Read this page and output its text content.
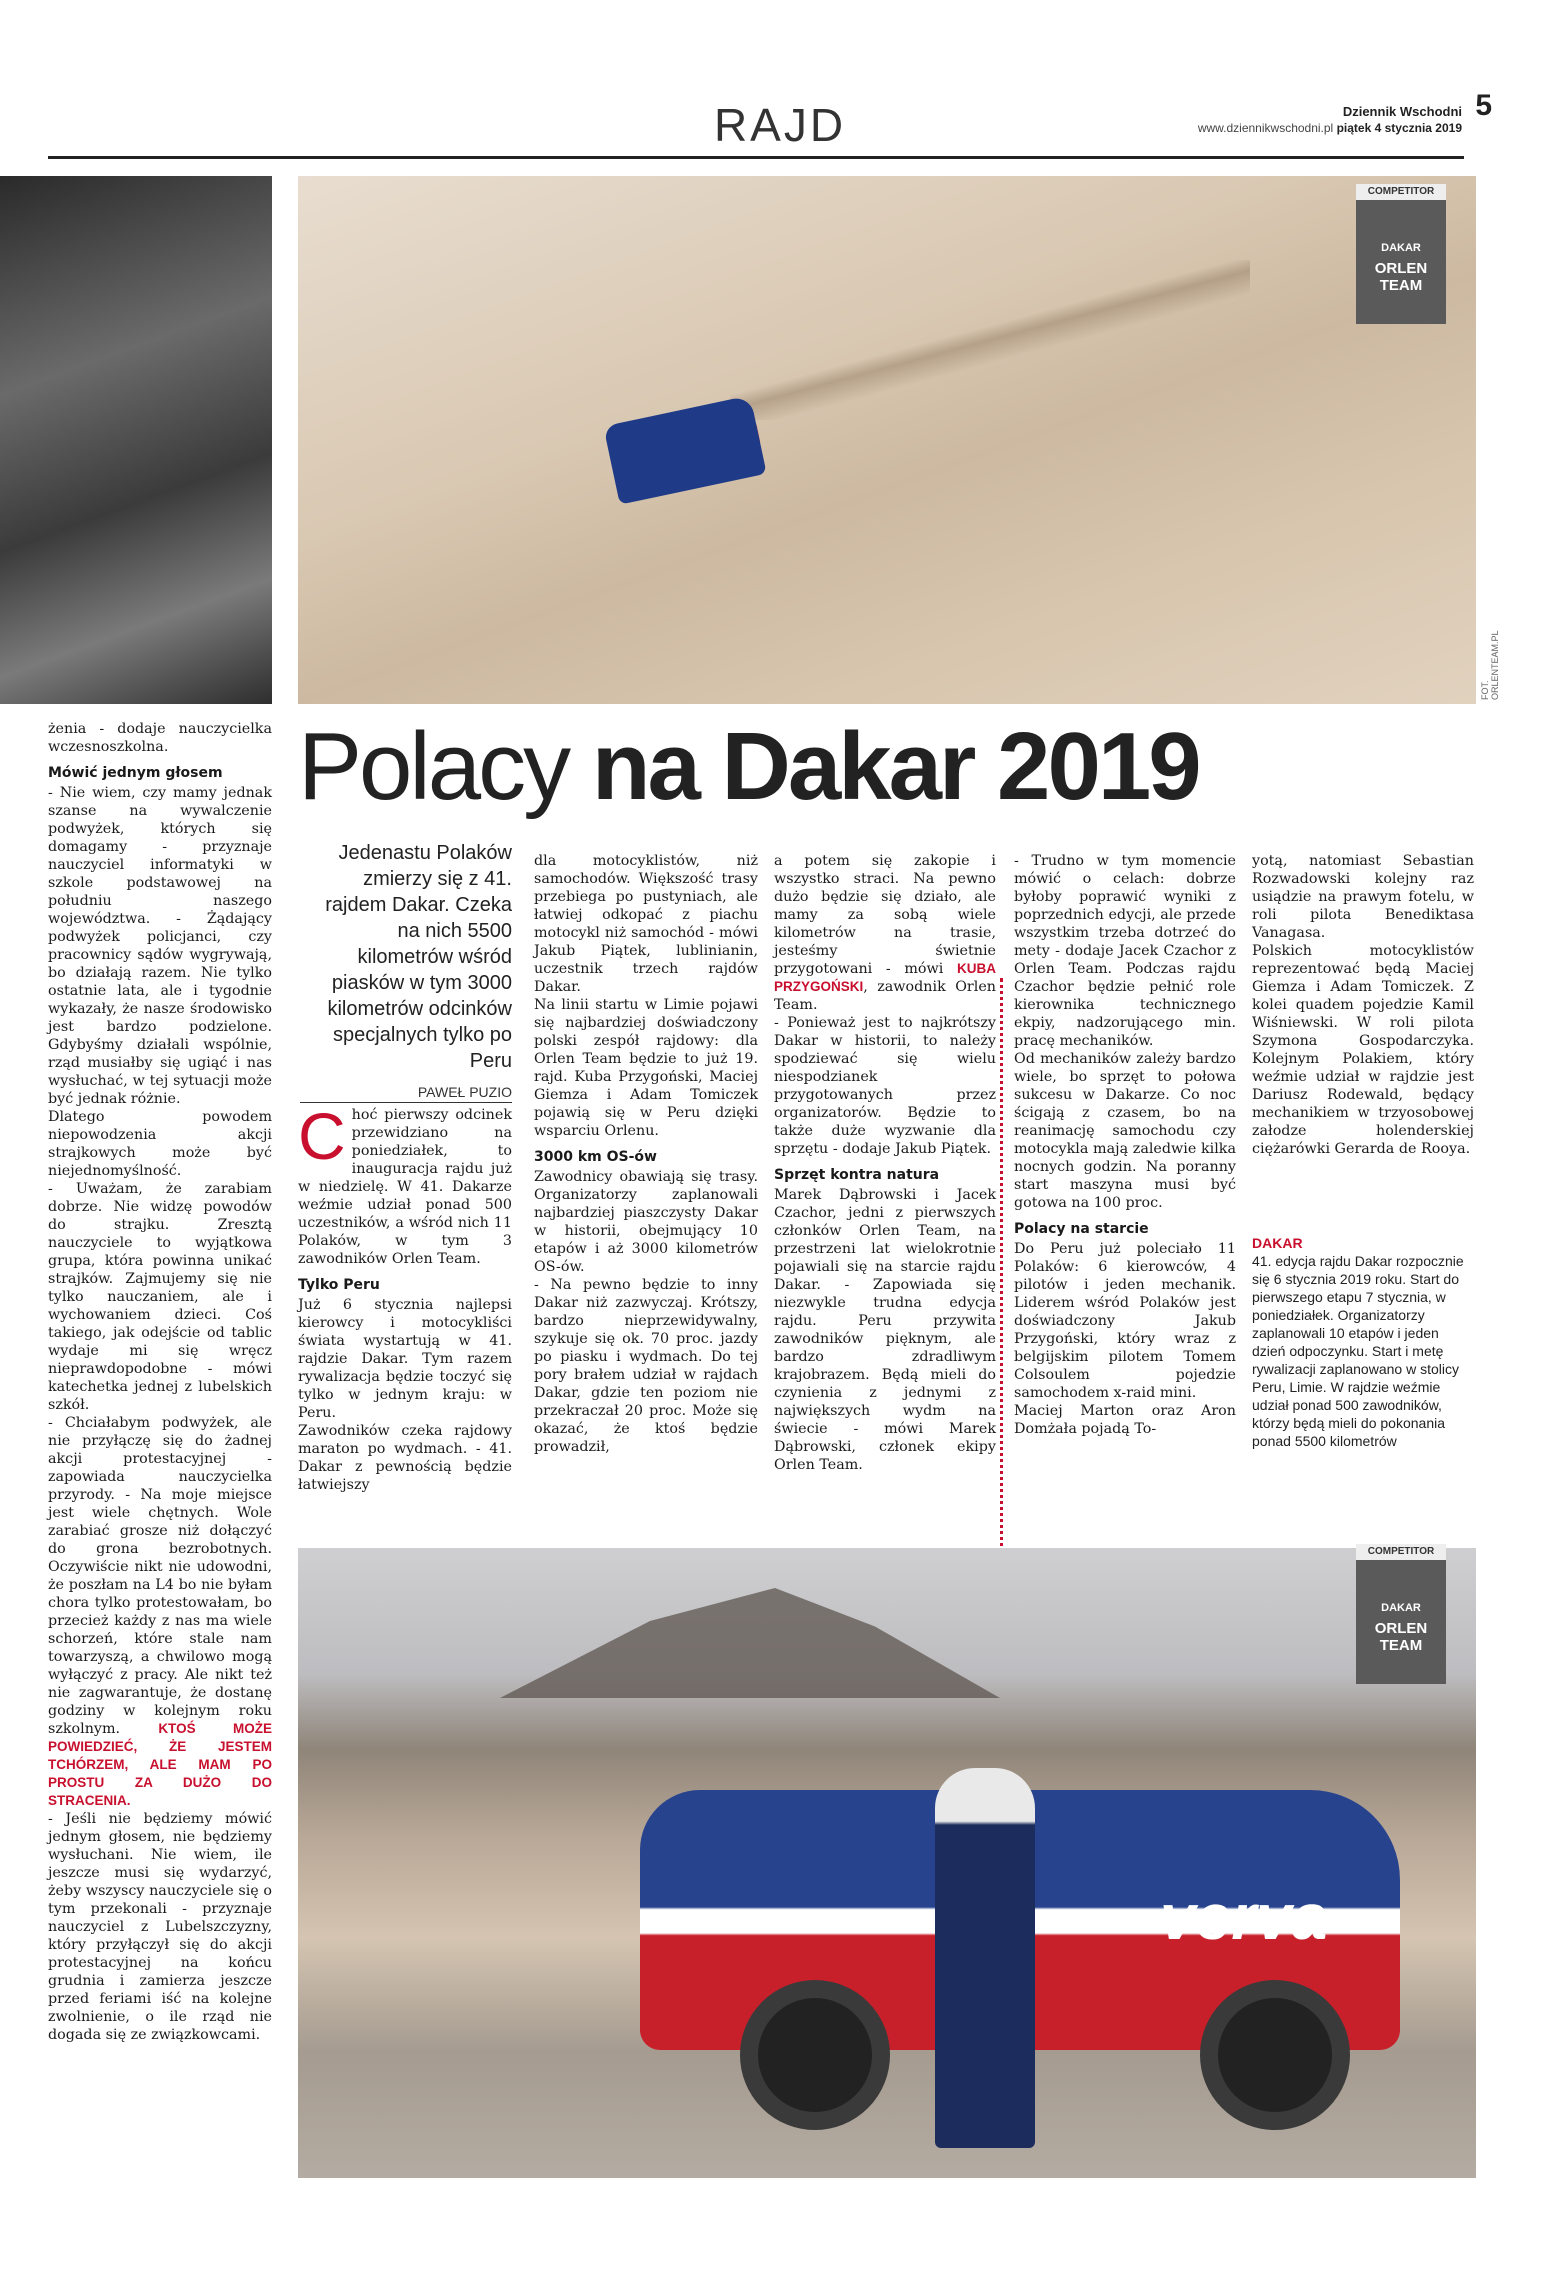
RAJD	Dziennik Wschodni 5
www.dziennikwschodni.pl piątek 4 stycznia 2019
COMPETITOR
DAKAR
ORLEN TEAM
FOT. ORLENTEAM.PL
Polacy na Dakar 2019
Jedenastu Polaków zmierzy się z 41. rajdem Dakar. Czeka na nich 5500 kilometrów wśród piasków w tym 3000 kilometrów odcinków specjalnych tylko po Peru
PAWEŁ PUZIO

żenia - dodaje nauczycielka wczesnoszkolna.

Mówić jednym głosem

- Nie wiem, czy mamy jednak szanse na wywalczenie podwyżek, których się domagamy - przyznaje nauczyciel informatyki w szkole podstawowej na południu naszego województwa. - Żądający podwyżek policjanci, czy pracownicy sądów wygrywają, bo działają razem. Nie tylko ostatnie lata, ale i tygodnie wykazały, że nasze środowisko jest bardzo podzielone. Gdybyśmy działali wspólnie, rząd musiałby się ugiąć i nas wysłuchać, w tej sytuacji może być jednak różnie.

Dlatego powodem niepowodzenia akcji strajkowych może być niejednomyślność.

- Uważam, że zarabiam dobrze. Nie widzę powodów do strajku. Zresztą nauczyciele to wyjątkowa grupa, która powinna unikać strajków. Zajmujemy się nie tylko nauczaniem, ale i wychowaniem dzieci. Coś takiego, jak odejście od tablic wydaje mi się wręcz nieprawdopodobne - mówi katechetka jednej z lubelskich szkół.

- Chciałabym podwyżek, ale nie przyłączę się do żadnej akcji protestacyjnej - zapowiada nauczycielka przyrody. - Na moje miejsce jest wiele chętnych. Wole zarabiać grosze niż dołączyć do grona bezrobotnych. Oczywiście nikt nie udowodni, że poszłam na L4 bo nie byłam chora tylko protestowałam, bo przecież każdy z nas ma wiele schorzeń, które stale nam towarzyszą, a chwilowo mogą wyłączyć z pracy. Ale nikt też nie zagwarantuje, że dostanę godziny w kolejnym roku szkolnym. KTOŚ MOŻE POWIEDZIEĆ, ŻE JESTEM TCHÓRZEM, ALE MAM PO PROSTU ZA DUŻO DO STRACENIA.

- Jeśli nie będziemy mówić jednym głosem, nie będziemy wysłuchani. Nie wiem, ile jeszcze musi się wydarzyć, żeby wszyscy nauczyciele się o tym przekonali - przyznaje nauczyciel z Lubelszczyzny, który przyłączył się do akcji protestacyjnej na końcu grudnia i zamierza jeszcze przed feriami iść na kolejne zwolnienie, o ile rząd nie dogada się ze związkowcami.

Choć pierwszy odcinek przewidziano na poniedziałek, to inauguracja rajdu już w niedzielę. W 41. Dakarze weźmie udział ponad 500 uczestników, a wśród nich 11 Polaków, w tym 3 zawodników Orlen Team.

Tylko Peru

Już 6 stycznia najlepsi kierowcy i motocykliści świata wystartują w 41. rajdzie Dakar. Tym razem rywalizacja będzie toczyć się tylko w jednym kraju: w Peru.

Zawodników czeka rajdowy maraton po wydmach. - 41. Dakar z pewnością będzie łatwiejszy

dla motocyklistów, niż samochodów. Większość trasy przebiega po pustyniach, ale łatwiej odkopać z piachu motocykl niż samochód - mówi Jakub Piątek, lublinianin, uczestnik trzech rajdów Dakar.

Na linii startu w Limie pojawi się najbardziej doświadczony polski zespół rajdowy: dla Orlen Team będzie to już 19. rajd. Kuba Przygoński, Maciej Giemza i Adam Tomiczek pojawią się w Peru dzięki wsparciu Orlenu.

3000 km OS-ów

Zawodnicy obawiają się trasy. Organizatorzy zaplanowali najbardziej piaszczysty Dakar w historii, obejmujący 10 etapów i aż 3000 kilometrów OS-ów.

- Na pewno będzie to inny Dakar niż zazwyczaj. Krótszy, bardzo nieprzewidywalny, szykuje się ok. 70 proc. jazdy po piasku i wydmach. Do tej pory brałem udział w rajdach Dakar, gdzie ten poziom nie przekraczał 20 proc. Może się okazać, że ktoś będzie prowadził,

a potem się zakopie i wszystko straci. Na pewno dużo będzie się działo, ale mamy za sobą wiele kilometrów na trasie, jesteśmy świetnie przygotowani - mówi KUBA PRZYGOŃSKI, zawodnik Orlen Team.

- Ponieważ jest to najkrótszy Dakar w historii, to należy spodziewać się wielu niespodzianek przygotowanych przez organizatorów. Będzie to także duże wyzwanie dla sprzętu - dodaje Jakub Piątek.

Sprzęt kontra natura

Marek Dąbrowski i Jacek Czachor, jedni z pierwszych członków Orlen Team, na przestrzeni lat wielokrotnie pojawiali się na starcie rajdu Dakar. - Zapowiada się niezwykle trudna edycja rajdu. Peru przywita zawodników pięknym, ale bardzo zdradliwym krajobrazem. Będą mieli do czynienia z jednymi z największych wydm na świecie - mówi Marek Dąbrowski, członek ekipy Orlen Team.

- Trudno w tym momencie mówić o celach: dobrze byłoby poprawić wyniki z poprzednich edycji, ale przede wszystkim trzeba dotrzeć do mety - dodaje Jacek Czachor z Orlen Team. Podczas rajdu Czachor będzie pełnić role kierownika technicznego ekpiy, nadzorującego min. pracę mechaników.

Od mechaników zależy bardzo wiele, bo sprzęt to połowa sukcesu w Dakarze. Co noc ścigają z czasem, bo na reanimację samochodu czy motocykla mają zaledwie kilka nocnych godzin. Na poranny start maszyna musi być gotowa na 100 proc.

Polacy na starcie

Do Peru już poleciało 11 Polaków: 6 kierowców, 4 pilotów i jeden mechanik. Liderem wśród Polaków jest doświadczony Jakub Przygoński, który wraz z belgijskim pilotem Tomem Colsoulem pojedzie samochodem x-raid mini.

Maciej Marton oraz Aron Domżała pojadą To-

yotą, natomiast Sebastian Rozwadowski kolejny raz usiądzie na prawym fotelu, w roli pilota Benediktasa Vanagasa.

Polskich motocyklistów reprezentować będą Maciej Giemza i Adam Tomiczek. Z kolei quadem pojedzie Kamil Wiśniewski. W roli pilota Szymona Gospodarczyka. Kolejnym Polakiem, który weźmie udział w rajdzie jest Dariusz Rodewald, będący mechanikiem w trzyosobowej załodze holenderskiej ciężarówki Gerarda de Rooya.

DAKAR
41. edycja rajdu Dakar rozpocznie się 6 stycznia 2019 roku. Start do pierwszego etapu 7 stycznia, w poniedziałek. Organizatorzy zaplanowali 10 etapów i jeden dzień odpoczynku. Start i metę rywalizacji zaplanowano w stolicy Peru, Limie. W rajdzie weźmie udział ponad 500 zawodników, którzy będą mieli do pokonania ponad 5500 kilometrów
verva
COMPETITOR
DAKAR
ORLEN TEAM
